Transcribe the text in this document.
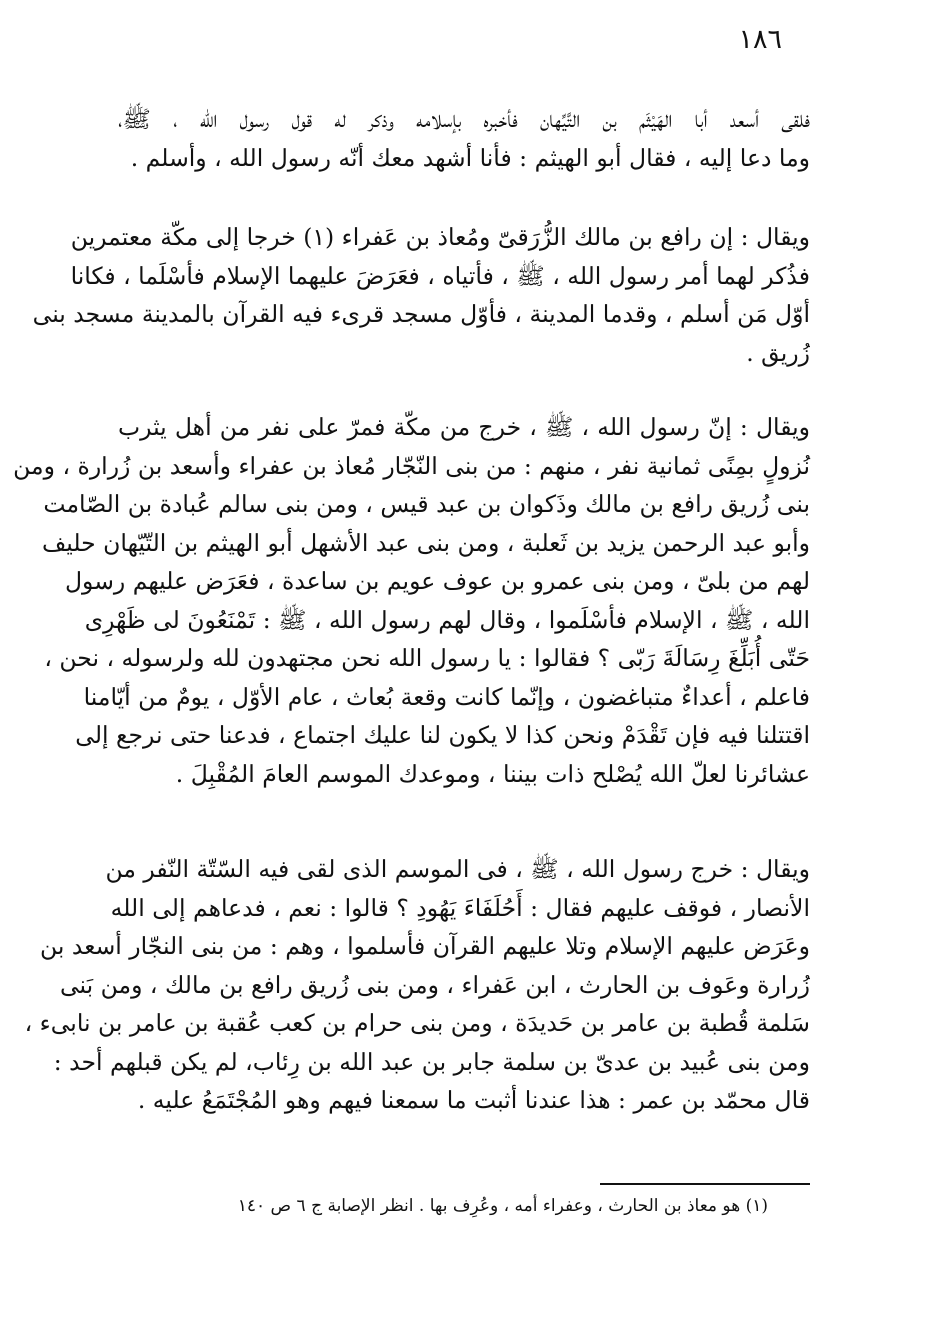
١٨٦
فلقى أسعد أبا الهَيْثَم بن التَّيِّهان فأخبره بإسلامه وذكر له قول رسول الله ، ﷺ،
وما دعا إليه ، فقال أبو الهيثم : فأنا أشهد معك أنّه رسول الله ، وأسلم .
ويقال : إن رافع بن مالك الزُّرَقىّ ومُعاذ بن عَفراء (١) خرجا إلى مكّة معتمرين
فذُكر لهما أمر رسول الله ، ﷺ ، فأتياه ، فعَرَضَ عليهما الإسلام فأسْلَما ، فكانا
أوّل مَن أسلم ، وقدما المدينة ، فأوّل مسجد قرىء فيه القرآن بالمدينة مسجد بنى
زُريق .
ويقال : إنّ رسول الله ، ﷺ ، خرج من مكّة فمرّ على نفر من أهل يثرب
نُزولٍ بمِنًى ثمانية نفر ، منهم : من بنى النّجّار مُعاذ بن عفراء وأسعد بن زُرارة ، ومن
بنى زُريق رافع بن مالك وذَكوان بن عبد قيس ، ومن بنى سالم عُبادة بن الصّامت
وأبو عبد الرحمن يزيد بن ثَعلبة ، ومن بنى عبد الأشهل أبو الهيثم بن التّيّهان حليف
لهم من بلىّ ، ومن بنى عمرو بن عوف عويم بن ساعدة ، فعَرَض عليهم رسول
الله ، ﷺ ، الإسلام فأسْلَموا ، وقال لهم رسول الله ، ﷺ : تَمْنَعُونَ لى ظَهْرِى
حَتّى أُبَلِّغَ رِسَالَةَ رَبّى ؟ فقالوا : يا رسول الله نحن مجتهدون لله ولرسوله ، نحن ،
فاعلم ، أعداءٌ متباغضون ، وإنّما كانت وقعة بُعاث ، عام الأوّل ، يومٌ من أيّامنا
اقتتلنا فيه فإن تَقْدَمْ ونحن كذا لا يكون لنا عليك اجتماع ، فدعنا حتى نرجع إلى
عشائرنا لعلّ الله يُصْلح ذات بيننا ، وموعدك الموسم العامَ المُقْبِلَ .
ويقال : خرج رسول الله ، ﷺ ، فى الموسم الذى لقى فيه السّتّة النّفر من
الأنصار ، فوقف عليهم فقال : أَحُلَفَاءَ يَهُودِ ؟ قالوا : نعم ، فدعاهم إلى الله
وعَرَض عليهم الإسلام وتلا عليهم القرآن فأسلموا ، وهم : من بنى النجّار أسعد بن
زُرارة وعَوف بن الحارث ، ابن عَفراء ، ومن بنى زُريق رافع بن مالك ، ومن بَنى
سَلمة قُطبة بن عامر بن حَديدَة ، ومن بنى حرام بن كعب عُقبة بن عامر بن نابىء ،
ومن بنى عُبيد بن عدىّ بن سلمة جابر بن عبد الله بن رِئاب، لم يكن قبلهم أحد :
قال محمّد بن عمر : هذا عندنا أثبت ما سمعنا فيهم وهو المُجْتَمَعُ عليه .
(١) هو معاذ بن الحارث ، وعفراء أمه ، وعُرِف بها . انظر الإصابة ج ٦ ص ١٤٠
